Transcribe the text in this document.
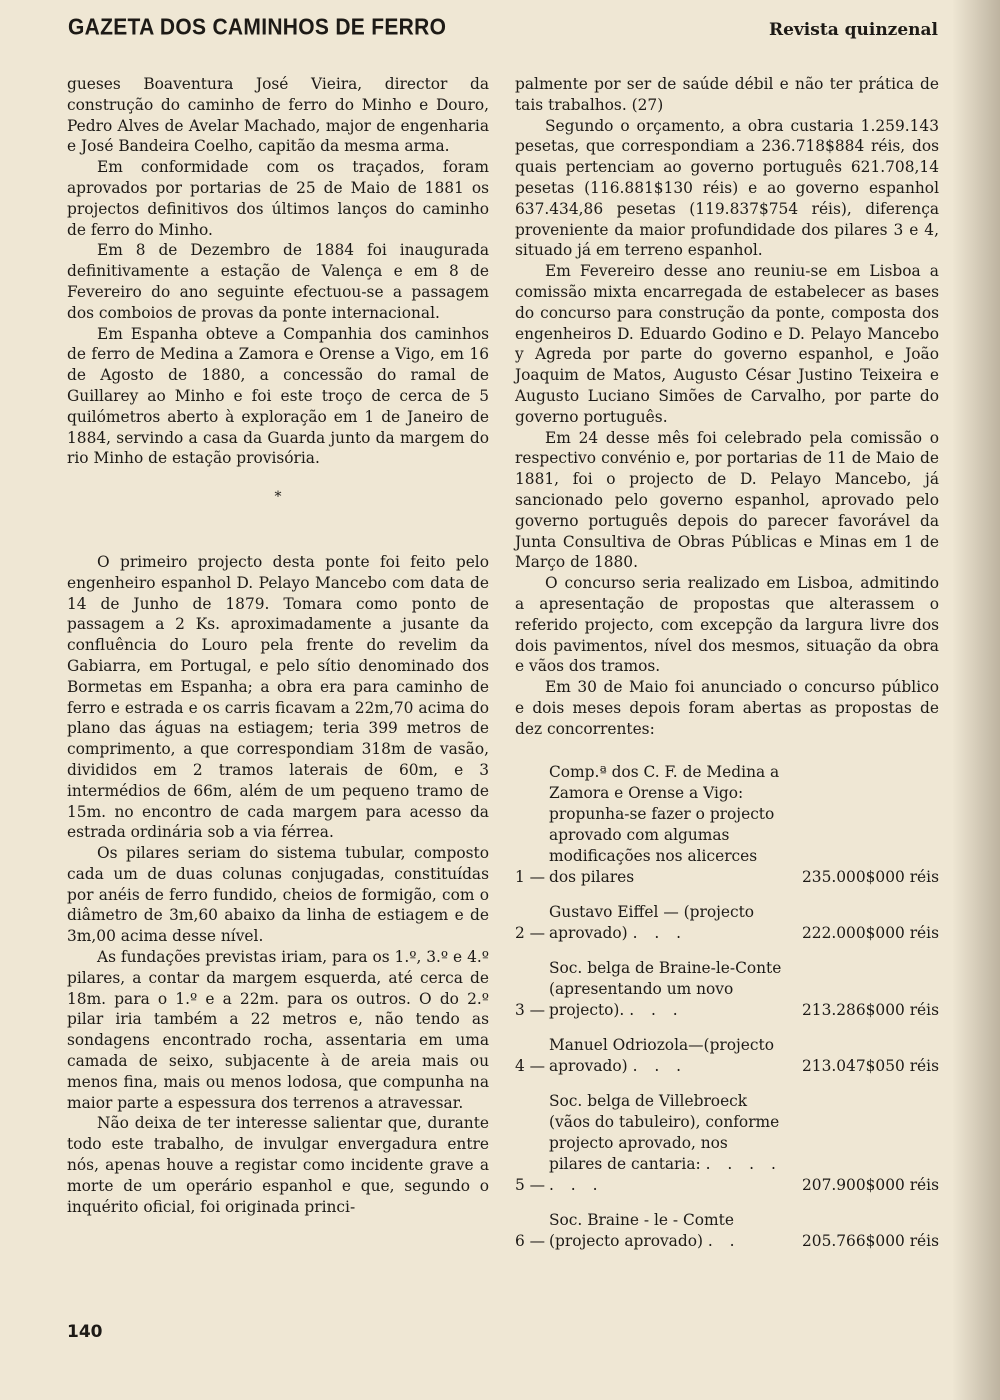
GAZETA DOS CAMINHOS DE FERRO	Revista quinzenal

gueses Boaventura José Vieira, director da construção do caminho de ferro do Minho e Douro, Pedro Alves de Avelar Machado, major de engenharia e José Bandeira Coelho, capitão da mesma arma.

Em conformidade com os traçados, foram aprovados por portarias de 25 de Maio de 1881 os projectos definitivos dos últimos lanços do caminho de ferro do Minho.

Em 8 de Dezembro de 1884 foi inaugurada definitivamente a estação de Valença e em 8 de Fevereiro do ano seguinte efectuou-se a passagem dos comboios de provas da ponte internacional.

Em Espanha obteve a Companhia dos caminhos de ferro de Medina a Zamora e Orense a Vigo, em 16 de Agosto de 1880, a concessão do ramal de Guillarey ao Minho e foi este troço de cerca de 5 quilómetros aberto à exploração em 1 de Janeiro de 1884, servindo a casa da Guarda junto da margem do rio Minho de estação provisória.

*

O primeiro projecto desta ponte foi feito pelo engenheiro espanhol D. Pelayo Mancebo com data de 14 de Junho de 1879. Tomara como ponto de passagem a 2 Ks. aproximadamente a jusante da confluência do Louro pela frente do revelim da Gabiarra, em Portugal, e pelo sítio denominado dos Bormetas em Espanha; a obra era para caminho de ferro e estrada e os carris ficavam a 22m,70 acima do plano das águas na estiagem; teria 399 metros de comprimento, a que correspondiam 318m de vasão, divididos em 2 tramos laterais de 60m, e 3 intermédios de 66m, além de um pequeno tramo de 15m. no encontro de cada margem para acesso da estrada ordinária sob a via férrea.

Os pilares seriam do sistema tubular, composto cada um de duas colunas conjugadas, constituídas por anéis de ferro fundido, cheios de formigão, com o diâmetro de 3m,60 abaixo da linha de estiagem e de 3m,00 acima desse nível.

As fundações previstas iriam, para os 1.º, 3.º e 4.º pilares, a contar da margem esquerda, até cerca de 18m. para o 1.º e a 22m. para os outros. O do 2.º pilar iria também a 22 metros e, não tendo as sondagens encontrado rocha, assentaria em uma camada de seixo, subjacente à de areia mais ou menos fina, mais ou menos lodosa, que compunha na maior parte a espessura dos terrenos a atravessar.

Não deixa de ter interesse salientar que, durante todo este trabalho, de invulgar envergadura entre nós, apenas houve a registar como incidente grave a morte de um operário espanhol e que, segundo o inquérito oficial, foi originada princi-

palmente por ser de saúde débil e não ter prática de tais trabalhos. (27)

Segundo o orçamento, a obra custaria 1.259.143 pesetas, que correspondiam a 236.718$884 réis, dos quais pertenciam ao governo português 621.708,14 pesetas (116.881$130 réis) e ao governo espanhol 637.434,86 pesetas (119.837$754 réis), diferença proveniente da maior profundidade dos pilares 3 e 4, situado já em terreno espanhol.

Em Fevereiro desse ano reuniu-se em Lisboa a comissão mixta encarregada de estabelecer as bases do concurso para construção da ponte, composta dos engenheiros D. Eduardo Godino e D. Pelayo Mancebo y Agreda por parte do governo espanhol, e João Joaquim de Matos, Augusto César Justino Teixeira e Augusto Luciano Simões de Carvalho, por parte do governo português.

Em 24 desse mês foi celebrado pela comissão o respectivo convénio e, por portarias de 11 de Maio de 1881, foi o projecto de D. Pelayo Mancebo, já sancionado pelo governo espanhol, aprovado pelo governo português depois do parecer favorável da Junta Consultiva de Obras Públicas e Minas em 1 de Março de 1880.

O concurso seria realizado em Lisboa, admitindo a apresentação de propostas que alterassem o referido projecto, com excepção da largura livre dos dois pavimentos, nível dos mesmos, situação da obra e vãos dos tramos.

Em 30 de Maio foi anunciado o concurso público e dois meses depois foram abertas as propostas de dez concorrentes:

1 —
Comp.ª dos C. F. de Medina a Zamora e Orense a Vigo: propunha-se fazer o projecto aprovado com algumas modificações nos alicerces dos pilares	235.000$000 réis
2 —
Gustavo Eiffel — (projecto aprovado) . . .	222.000$000 réis
3 —
Soc. belga de Braine-le-Conte (apresentando um novo projecto). . . .	213.286$000 réis
4 —
Manuel Odriozola—(projecto aprovado) . . .	213.047$050 réis
5 —
Soc. belga de Villebroeck (vãos do tabuleiro), conforme projecto aprovado, nos pilares de cantaria: . . . . . . .	207.900$000 réis
6 —
Soc. Braine - le - Comte (projecto aprovado) . .	205.766$000 réis
140
